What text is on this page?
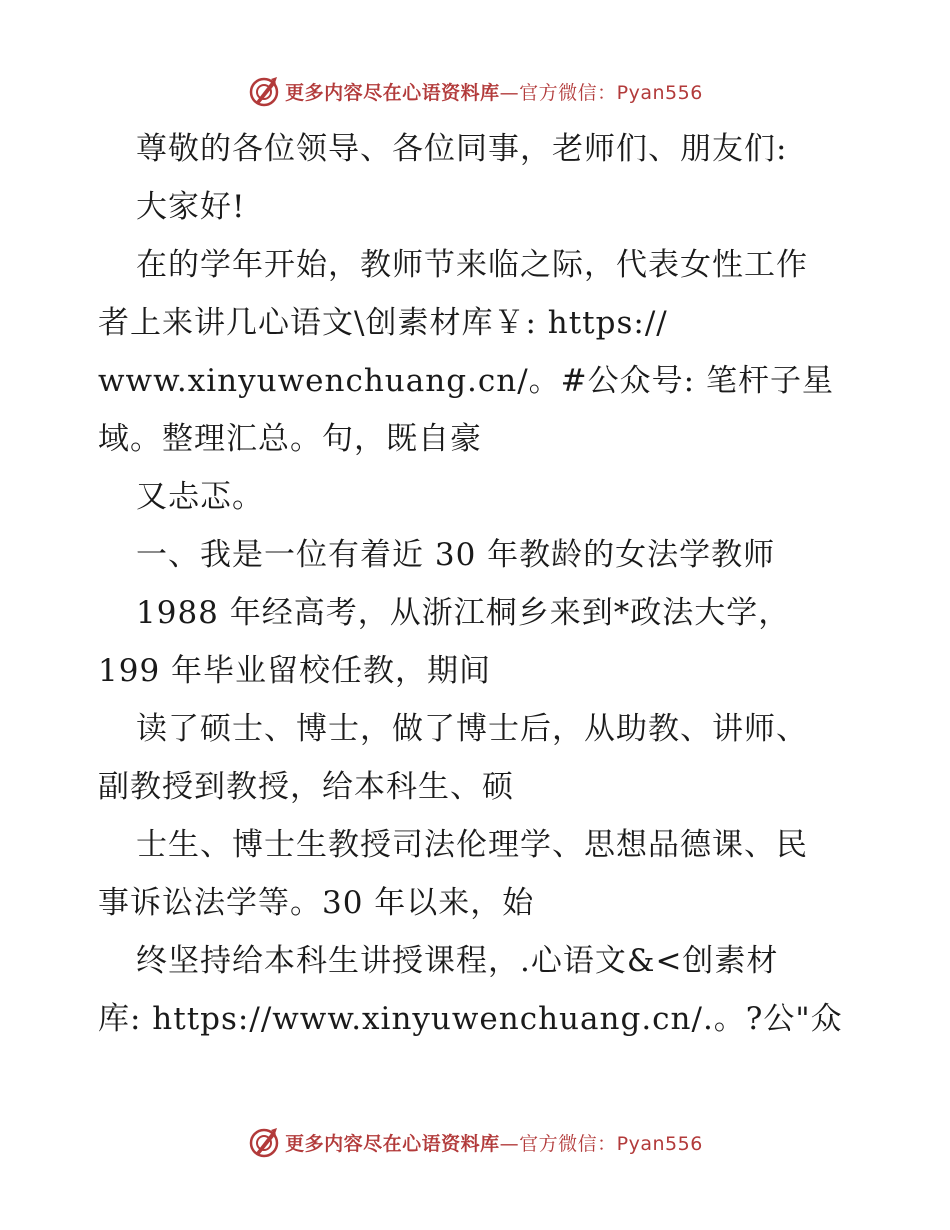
更多内容尽在心语资料库—官方微信：Pyan556
尊敬的各位领导、各位同事，老师们、朋友们:
大家好!
在的学年开始，教师节来临之际，代表女性工作
者上来讲几心语文\创素材库￥: https://
www.xinyuwenchuang.cn/。#公众号: 笔杆子星
域。整理汇总。句，既自豪
又忐忑。
一、我是一位有着近 30 年教龄的女法学教师
1988 年经高考，从浙江桐乡来到*政法大学，
199 年毕业留校任教，期间
读了硕士、博士，做了博士后，从助教、讲师、
副教授到教授，给本科生、硕
士生、博士生教授司法伦理学、思想品德课、民
事诉讼法学等。30 年以来，始
终坚持给本科生讲授课程，.心语文&<创素材
库: https://www.xinyuwenchuang.cn/.。?公"众
更多内容尽在心语资料库—官方微信：Pyan556
